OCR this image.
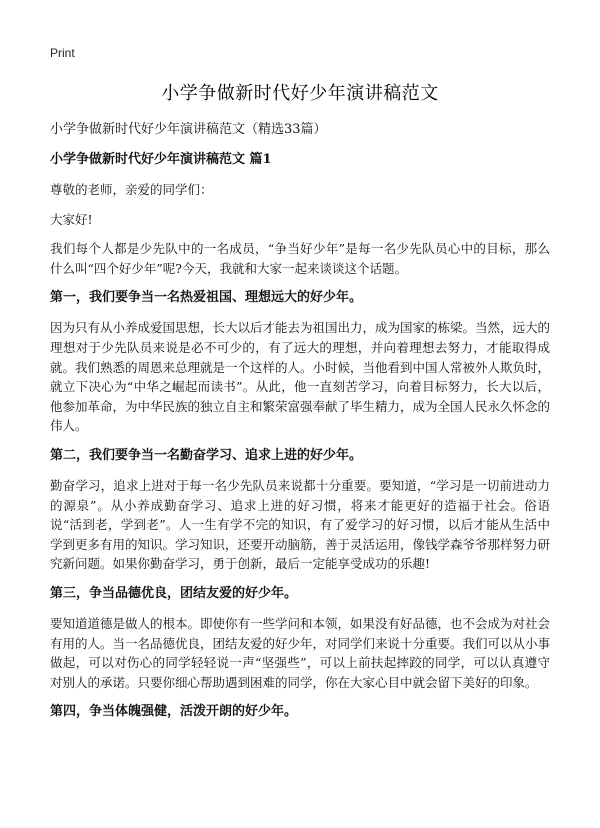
Print
小学争做新时代好少年演讲稿范文

小学争做新时代好少年演讲稿范文（精选33篇）

小学争做新时代好少年演讲稿范文 篇1

尊敬的老师，亲爱的同学们：

大家好!

我们每个人都是少先队中的一名成员，“争当好少年”是每一名少先队员心中的目标，那么什么叫“四个好少年”呢?今天，我就和大家一起来谈谈这个话题。

第一，我们要争当一名热爱祖国、理想远大的好少年。

因为只有从小养成爱国思想，长大以后才能去为祖国出力，成为国家的栋梁。当然，远大的理想对于少先队员来说是必不可少的，有了远大的理想，并向着理想去努力，才能取得成就。我们熟悉的周恩来总理就是一个这样的人。小时候，当他看到中国人常被外人欺负时，就立下决心为“中华之崛起而读书”。从此，他一直刻苦学习，向着目标努力，长大以后，他参加革命，为中华民族的独立自主和繁荣富强奉献了毕生精力，成为全国人民永久怀念的伟人。

第二，我们要争当一名勤奋学习、追求上进的好少年。

勤奋学习，追求上进对于每一名少先队员来说都十分重要。要知道，“学习是一切前进动力的源泉”。从小养成勤奋学习、追求上进的好习惯，将来才能更好的造福于社会。俗语说“活到老，学到老”。人一生有学不完的知识，有了爱学习的好习惯，以后才能从生活中学到更多有用的知识。学习知识，还要开动脑筋，善于灵活运用，像钱学森爷爷那样努力研究新问题。如果你勤奋学习，勇于创新，最后一定能享受成功的乐趣!

第三，争当品德优良，团结友爱的好少年。

要知道道德是做人的根本。即使你有一些学问和本领，如果没有好品德，也不会成为对社会有用的人。当一名品德优良，团结友爱的好少年，对同学们来说十分重要。我们可以从小事做起，可以对伤心的同学轻轻说一声“坚强些”，可以上前扶起摔跤的同学，可以认真遵守对别人的承诺。只要你细心帮助遇到困难的同学，你在大家心目中就会留下美好的印象。

第四，争当体魄强健，活泼开朗的好少年。
